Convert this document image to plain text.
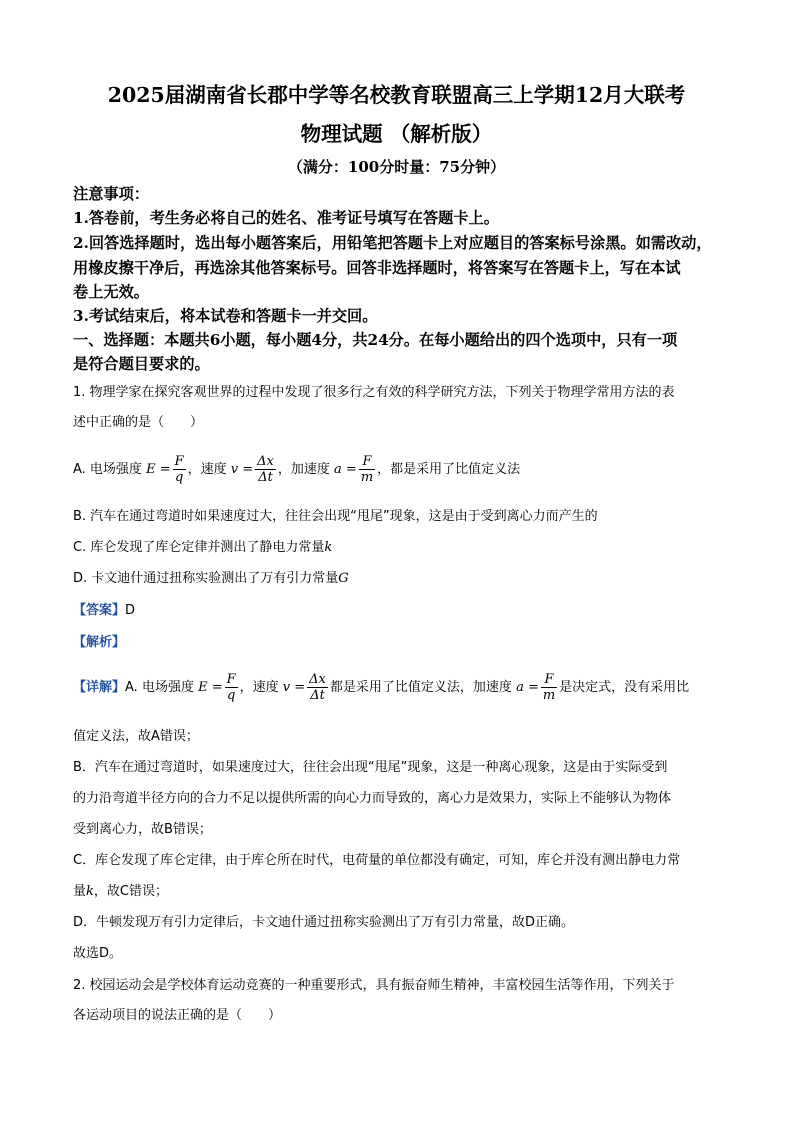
2025届湖南省长郡中学等名校教育联盟高三上学期12月大联考
物理试题 （解析版）
（满分：100分时量：75分钟）
注意事项：
1.答卷前，考生务必将自己的姓名、准考证号填写在答题卡上。
2.回答选择题时，选出每小题答案后，用铅笔把答题卡上对应题目的答案标号涂黑。如需改动，
用橡皮擦干净后，再选涂其他答案标号。回答非选择题时，将答案写在答题卡上，写在本试
卷上无效。
3.考试结束后，将本试卷和答题卡一并交回。
一、选择题：本题共6小题，每小题4分，共24分。在每小题给出的四个选项中，只有一项
是符合题目要求的。
1. 物理学家在探究客观世界的过程中发现了很多行之有效的科学研究方法，下列关于物理学常用方法的表
述中正确的是（　　）
A. 电场强度 $E = \frac{F}{q}$ ，速度 $v = \frac{\Delta x}{\Delta t}$ ，加速度 $a = \frac{F}{m}$ ，都是采用了比值定义法
B. 汽车在通过弯道时如果速度过大，往往会出现“甩尾”现象，这是由于受到离心力而产生的
C. 库仑发现了库仑定律并测出了静电力常量k
D. 卡文迪什通过扭称实验测出了万有引力常量G
【答案】D
【解析】
【详解】A. 电场强度 $E = \frac{F}{q}$ ，速度 $v = \frac{\Delta x}{\Delta t}$ 都是采用了比值定义法，加速度 $a = \frac{F}{m}$ 是决定式，没有采用比
值定义法，故A错误；
B．汽车在通过弯道时，如果速度过大，往往会出现“甩尾”现象，这是一种离心现象，这是由于实际受到
的力沿弯道半径方向的合力不足以提供所需的向心力而导致的，离心力是效果力，实际上不能够认为物体
受到离心力，故B错误；
C．库仑发现了库仑定律，由于库仑所在时代，电荷量的单位都没有确定，可知，库仑并没有测出静电力常
量k，故C错误；
D．牛顿发现万有引力定律后，卡文迪什通过扭称实验测出了万有引力常量，故D正确。
故选D。
2. 校园运动会是学校体育运动竞赛的一种重要形式，具有振奋师生精神，丰富校园生活等作用，下列关于
各运动项目的说法正确的是（　　）
